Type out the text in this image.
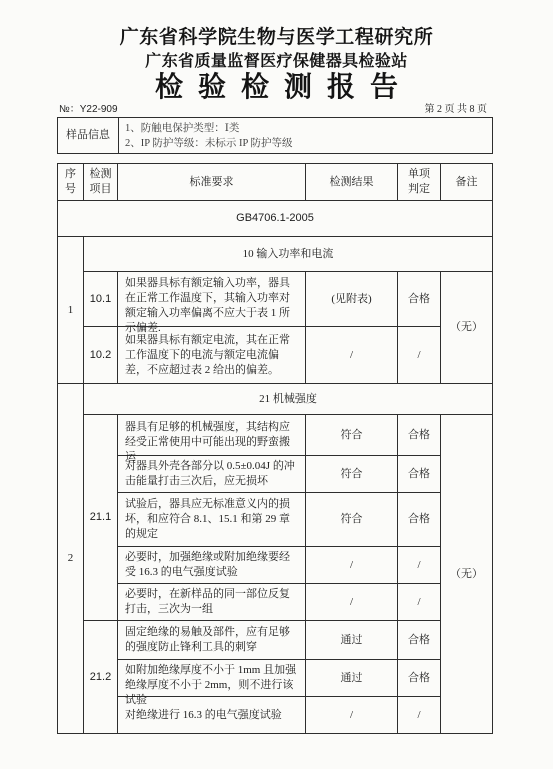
广东省科学院生物与医学工程研究所
广东省质量监督医疗保健器具检验站
检验检测报告
№：Y22-909	第 2 页 共 8 页
样品信息	
1、防触电保护类型：Ⅰ类
2、IP 防护等级：未标示 IP 防护等级
序号	检测项目	标准要求	检测结果	单项判定	备注
GB4706.1-2005					
1	10 输入功率和电流				
	10.1	如果器具标有额定输入功率，器具在正常工作温度下，其输入功率对额定输入功率偏离不应大于表 1 所示偏差.	(见附表)	合格	（无）
	10.2	如果器具标有额定电流，其在正常工作温度下的电流与额定电流偏差，不应超过表 2 给出的偏差。	/	/	
2	21 机械强度				
	21.1	器具有足够的机械强度，其结构应经受正常使用中可能出现的野蛮搬运	符合	合格	（无）

		对器具外壳各部分以 0.5±0.04J 的冲击能量打击三次后，应无损坏	符合	合格	

		试验后，器具应无标准意义内的损坏，和应符合 8.1、15.1 和第 29 章的规定	符合	合格	

		必要时，加强绝缘或附加绝缘要经受 16.3 的电气强度试验	/	/	

		必要时，在新样品的同一部位反复打击，三次为一组	/	/	
	21.2	固定绝缘的易触及部件，应有足够的强度防止锋利工具的刺穿	通过	合格	

		如附加绝缘厚度不小于 1mm 且加强绝缘厚度不小于 2mm，则不进行该试验	通过	合格	

		对绝缘进行 16.3 的电气强度试验	/	/	
